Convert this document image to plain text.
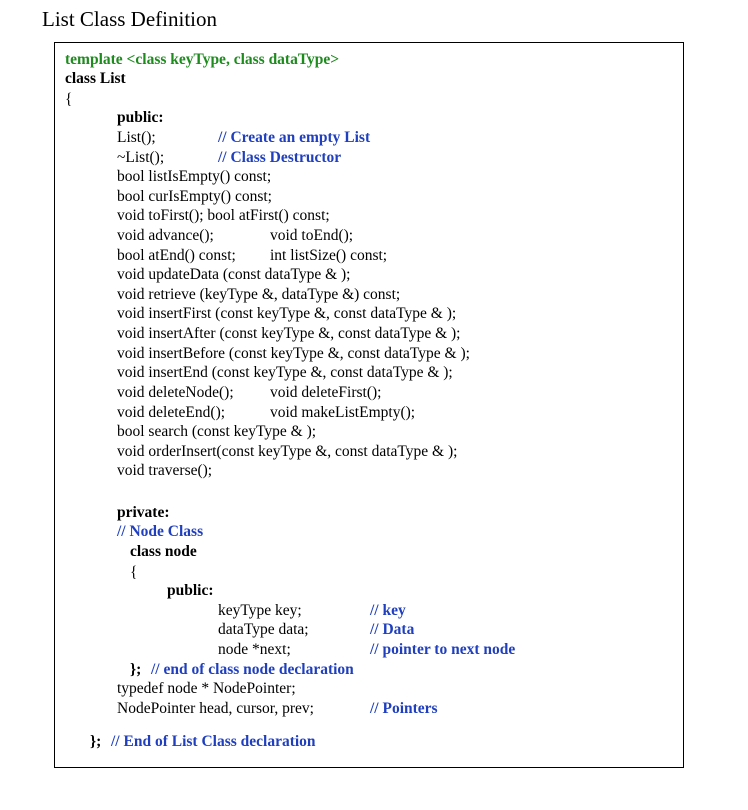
List Class Definition
template <class keyType, class dataType>
class List
{
public:
List();	// Create an empty List
~List();	// Class Destructor
bool listIsEmpty() const;
bool curIsEmpty() const;
void toFirst(); bool atFirst() const;
void advance();	void toEnd();
bool atEnd() const; int listSize() const;
void updateData (const dataType & );
void retrieve (keyType &, dataType &) const;
void insertFirst (const keyType &, const dataType & );
void insertAfter (const keyType &, const dataType & );
void insertBefore (const keyType &, const dataType & );
void insertEnd (const keyType &, const dataType & );
void deleteNode(); void deleteFirst();
void deleteEnd();	void makeListEmpty();
bool search (const keyType & );
void orderInsert(const keyType &, const dataType & );
void traverse();
private:
// Node Class
class node
{
public:
keyType key;	// key
dataType data;	// Data
node *next;	// pointer to next node
}; // end of class node declaration
typedef node * NodePointer;
NodePointer head, cursor, prev;	// Pointers
}; // End of List Class declaration
